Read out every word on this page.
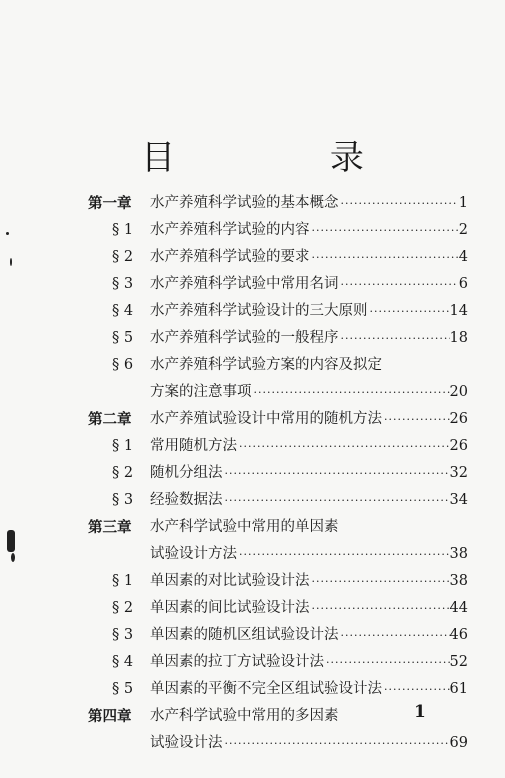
目 录
第一章 水产养殖科学试验的基本概念 ·····	1
§ 1 水产养殖科学试验的内容 ·····	2
§ 2 水产养殖科学试验的要求 ·····	4
§ 3 水产养殖科学试验中常用名词 ·····	6
§ 4 水产养殖科学试验设计的三大原则 ·····	14
§ 5 水产养殖科学试验的一般程序 ·····	18
§ 6 水产养殖科学试验方案的内容及拟定
方案的注意事项 ·····	20
第二章 水产养殖试验设计中常用的随机方法 ·····	26
§ 1 常用随机方法 ·····	26
§ 2 随机分组法 ·····	32
§ 3 经验数据法 ·····	34
第三章 水产科学试验中常用的单因素
试验设计方法 ·····	38
§ 1 单因素的对比试验设计法 ·····	38
§ 2 单因素的间比试验设计法 ·····	44
§ 3 单因素的随机区组试验设计法 ·····	46
§ 4 单因素的拉丁方试验设计法 ·····	52
§ 5 单因素的平衡不完全区组试验设计法 ·····	61
第四章 水产科学试验中常用的多因素
试验设计法 ·····	69
1
